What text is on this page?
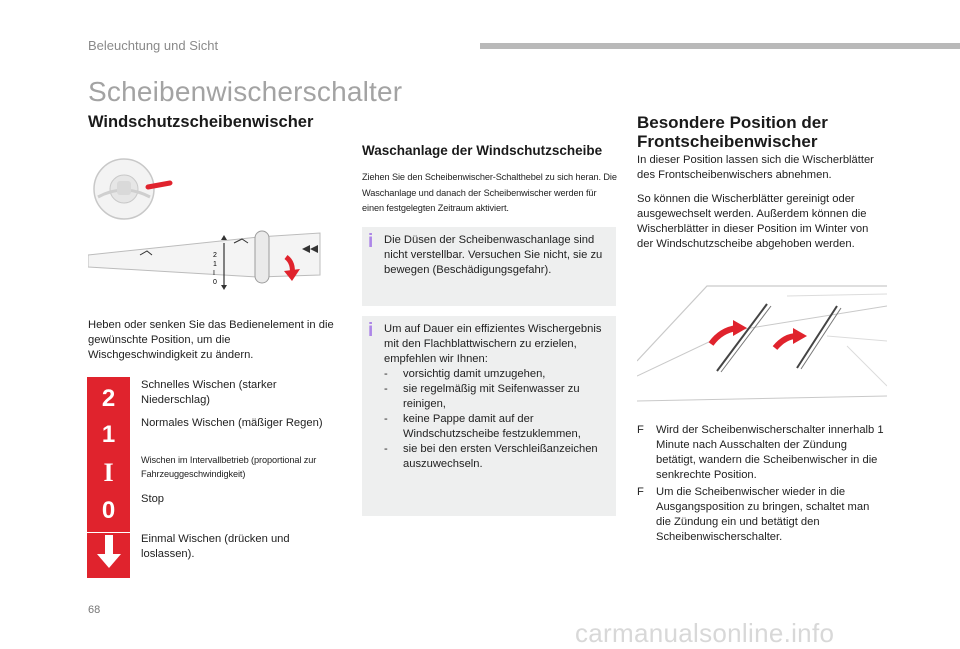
Beleuchtung und Sicht
Scheibenwischerschalter
Windschutzscheibenwischer
2
1
I
0

Heben oder senken Sie das Bedienelement in die gewünschte Position, um die Wischgeschwindigkeit zu ändern.

2 Schnelles Wischen (starker Niederschlag)

1 Normales Wischen (mäßiger Regen)

I	Wischen im Intervallbetrieb (proportional zur Fahrzeuggeschwindigkeit)

0 Stop

Einmal Wischen (drücken und loslassen).

Waschanlage der Windschutzscheibe

Ziehen Sie den Scheibenwischer-Schalthebel zu sich heran. Die Waschanlage und danach der Scheibenwischer werden für einen festgelegten Zeitraum aktiviert.

i Die Düsen der Scheibenwaschanlage sind nicht verstellbar. Versuchen Sie nicht, sie zu bewegen (Beschädigungsgefahr).

i Um auf Dauer ein effizientes Wischergebnis mit den Flachblattwischern zu erzielen, empfehlen wir Ihnen:

-	vorsichtig damit umzugehen,
-	sie regelmäßig mit Seifenwasser zu reinigen,
-	keine Pappe damit auf der Windschutzscheibe festzuklemmen,
-	sie bei den ersten Verschleißanzeichen auszuwechseln.
Besondere Position der Frontscheibenwischer

In dieser Position lassen sich die Wischerblätter des Frontscheibenwischers abnehmen.

So können die Wischerblätter gereinigt oder ausgewechselt werden. Außerdem können die Wischerblätter in dieser Position im Winter von der Windschutzscheibe abgehoben werden.

F	Wird der Scheibenwischerschalter innerhalb 1 Minute nach Ausschalten der Zündung betätigt, wandern die Scheibenwischer in die senkrechte Position.
F	Um die Scheibenwischer wieder in die Ausgangsposition zu bringen, schaltet man die Zündung ein und betätigt den Scheibenwischerschalter.
68
carmanualsonline.info
